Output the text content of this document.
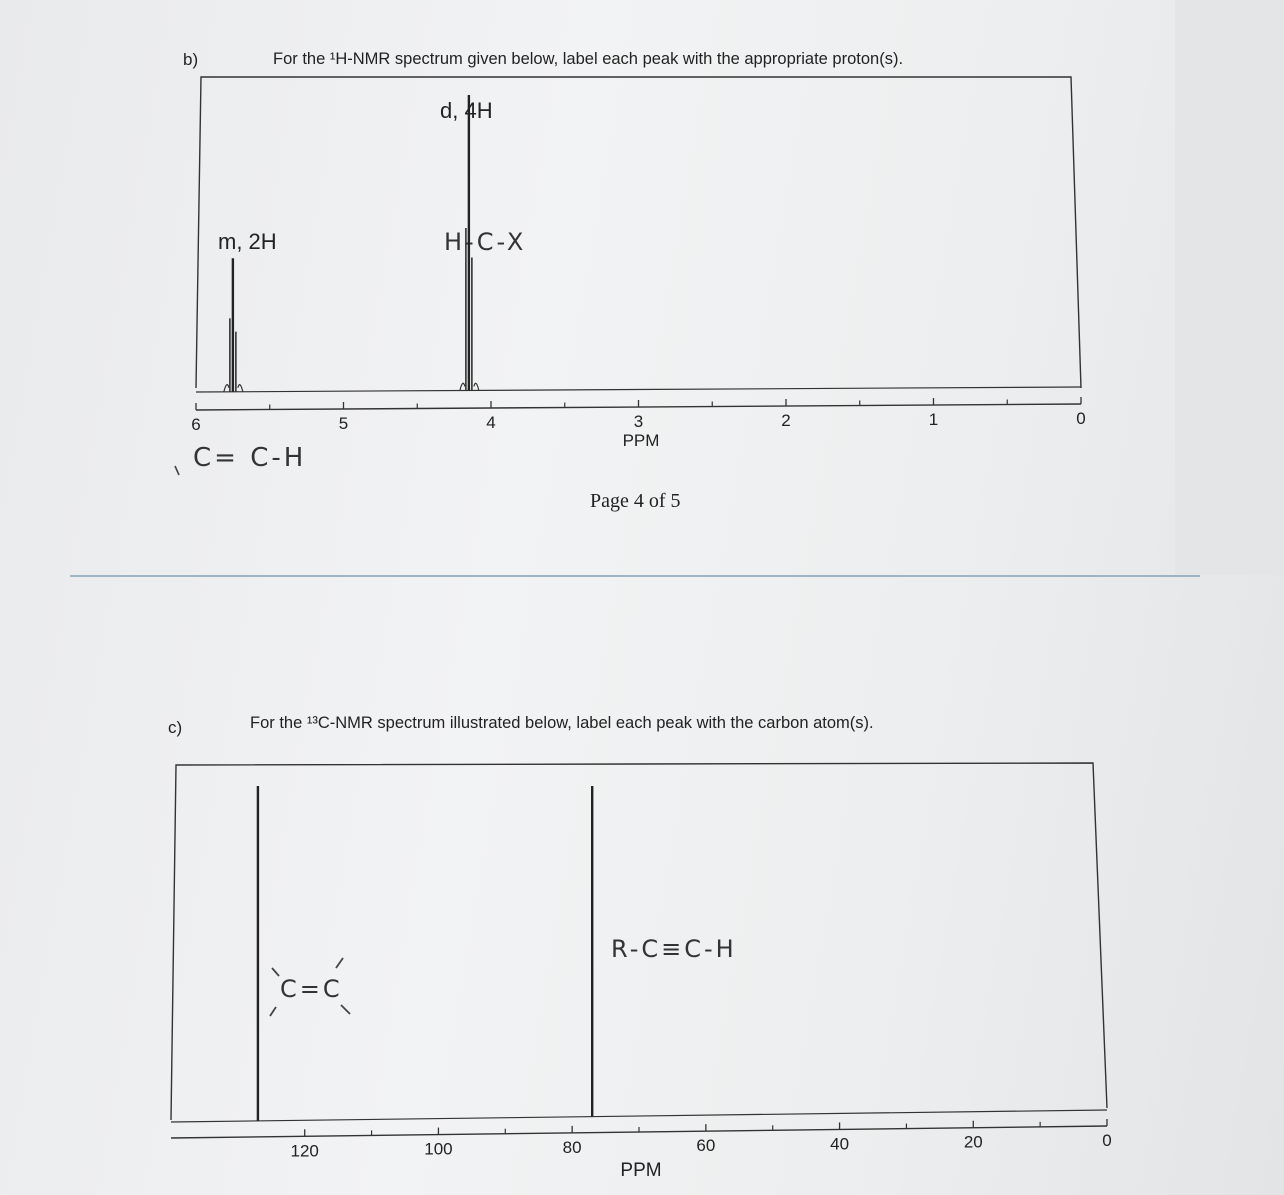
b)	For the ¹H-NMR spectrum given below, label each peak with the appropriate proton(s).
m, 2H
d, 4H
H-C-X
C= C-H
Page 4 of 5
c)	For the ¹³C-NMR spectrum illustrated below, label each peak with the carbon atom(s).
R-C≡C-H
C=C
6	5	4	3	2	1	0
PPM
120	100	80	60	40	20	0
PPM
